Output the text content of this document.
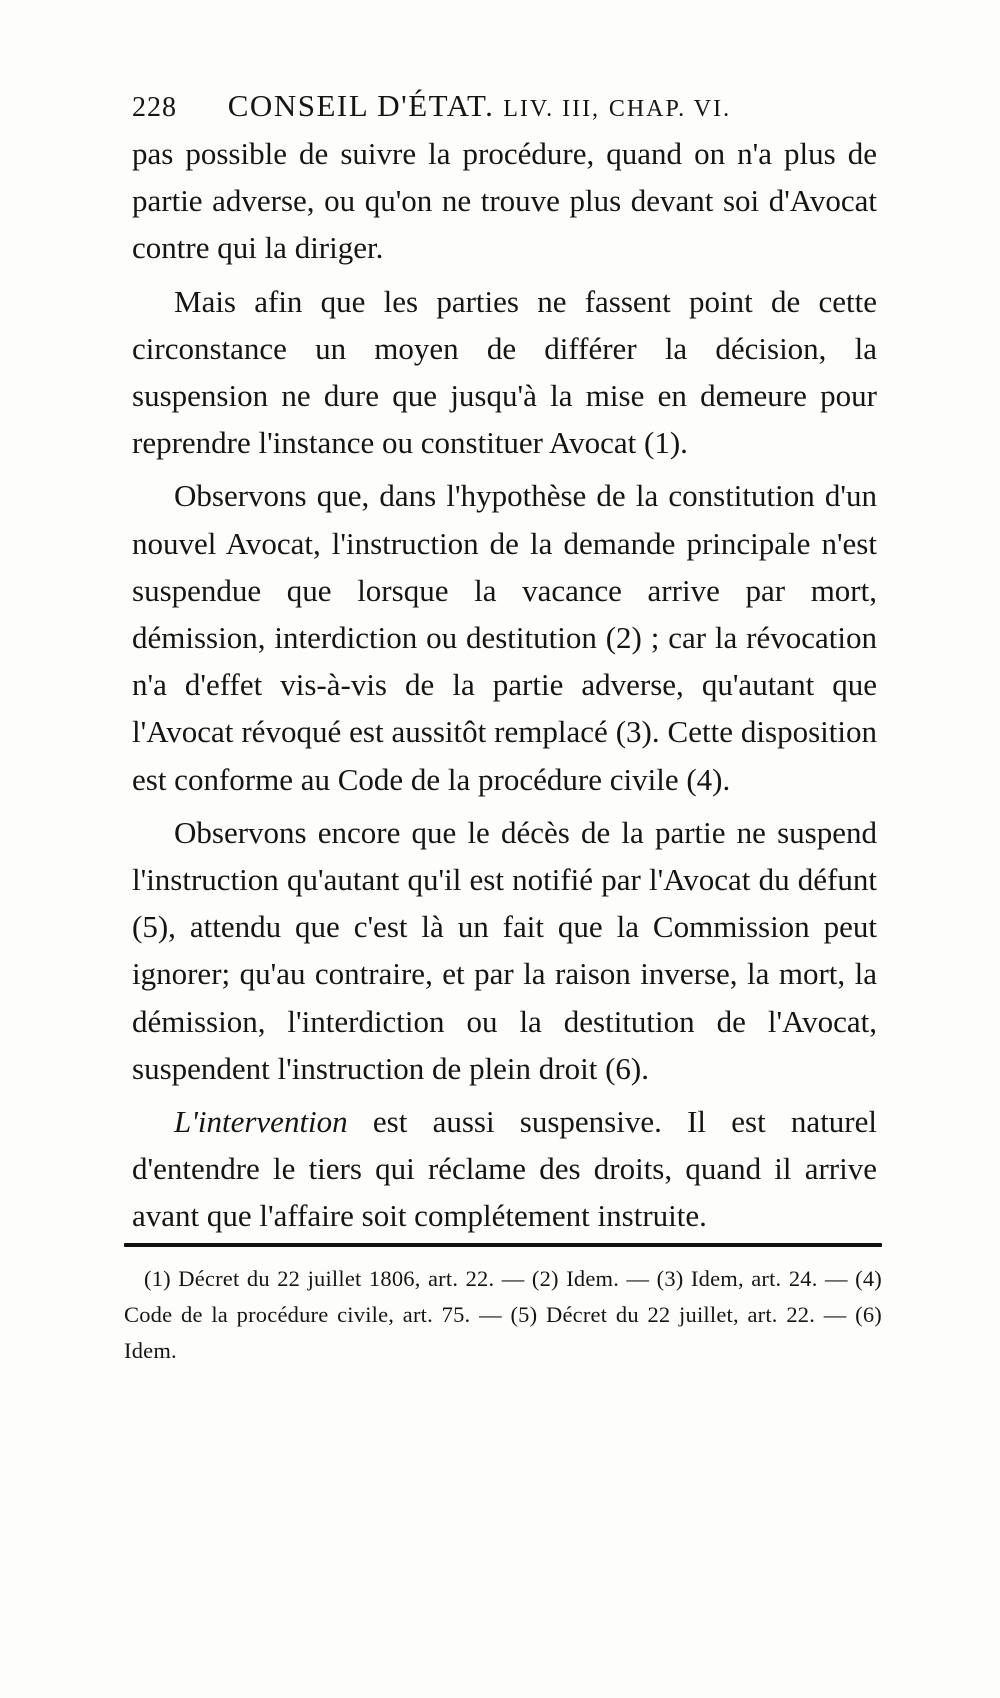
228 CONSEIL D'ÉTAT. LIV. III, CHAP. VI.

pas possible de suivre la procédure, quand on n'a plus de partie adverse, ou qu'on ne trouve plus devant soi d'Avocat contre qui la diriger.

Mais afin que les parties ne fassent point de cette circonstance un moyen de différer la décision, la suspension ne dure que jusqu'à la mise en demeure pour reprendre l'instance ou constituer Avocat (1).

Observons que, dans l'hypothèse de la constitution d'un nouvel Avocat, l'instruction de la demande principale n'est suspendue que lorsque la vacance arrive par mort, démission, interdiction ou destitution (2) ; car la révocation n'a d'effet vis-à-vis de la partie adverse, qu'autant que l'Avocat révoqué est aussitôt remplacé (3). Cette disposition est conforme au Code de la procédure civile (4).

Observons encore que le décès de la partie ne suspend l'instruction qu'autant qu'il est notifié par l'Avocat du défunt (5), attendu que c'est là un fait que la Commission peut ignorer; qu'au contraire, et par la raison inverse, la mort, la démission, l'interdiction ou la destitution de l'Avocat, suspendent l'instruction de plein droit (6).

L'intervention est aussi suspensive. Il est naturel d'entendre le tiers qui réclame des droits, quand il arrive avant que l'affaire soit complétement instruite.

(1) Décret du 22 juillet 1806, art. 22. — (2) Idem. — (3) Idem, art. 24. — (4) Code de la procédure civile, art. 75. — (5) Décret du 22 juillet, art. 22. — (6) Idem.
